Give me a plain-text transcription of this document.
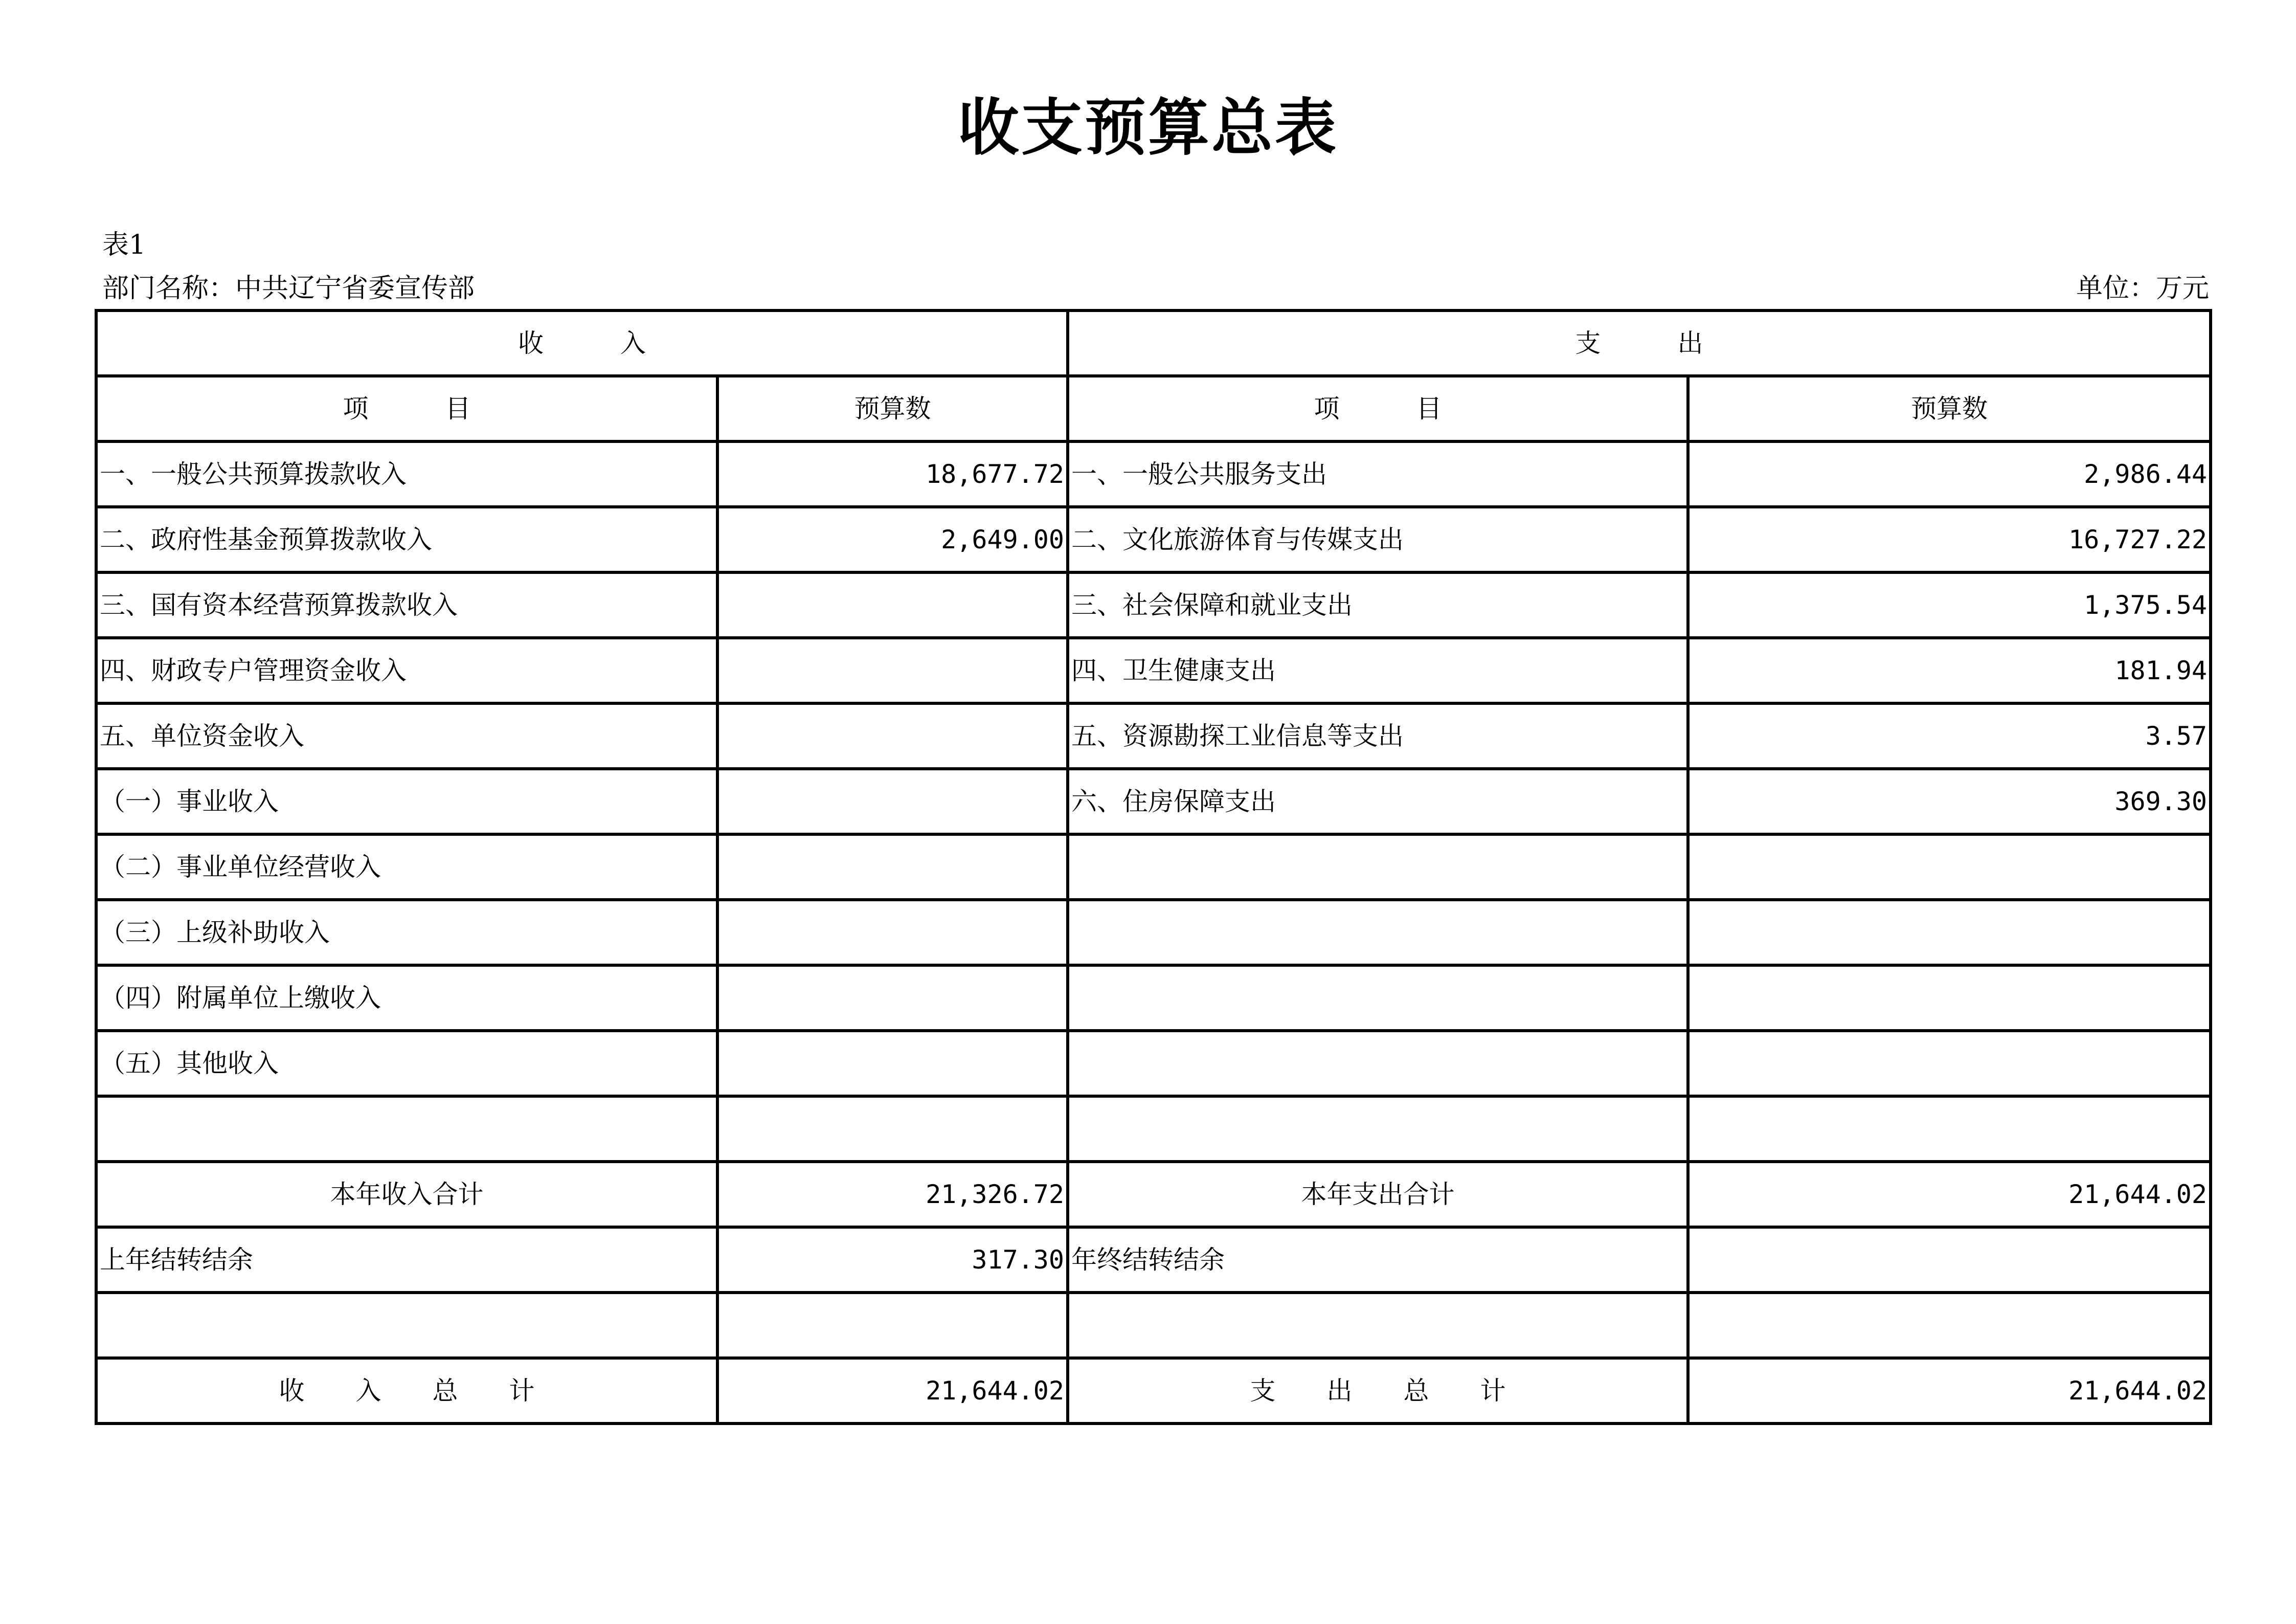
收支预算总表
表1
部门名称：中共辽宁省委宣传部	单位：万元
收　　　入		支　　　出	
项　　　目	预算数	项　　　目	预算数
一、一般公共预算拨款收入	18,677.72	一、一般公共服务支出	2,986.44
二、政府性基金预算拨款收入	2,649.00	二、文化旅游体育与传媒支出	16,727.22
三、国有资本经营预算拨款收入		三、社会保障和就业支出	1,375.54
四、财政专户管理资金收入		四、卫生健康支出	181.94
五、单位资金收入		五、资源勘探工业信息等支出	3.57
（一）事业收入		六、住房保障支出	369.30
（二）事业单位经营收入			
（三）上级补助收入			
（四）附属单位上缴收入			
（五）其他收入			

本年收入合计	21,326.72	本年支出合计	21,644.02
上年结转结余	317.30	年终结转结余	

收　　入　　总　　计	21,644.02	支　　出　　总　　计	21,644.02
